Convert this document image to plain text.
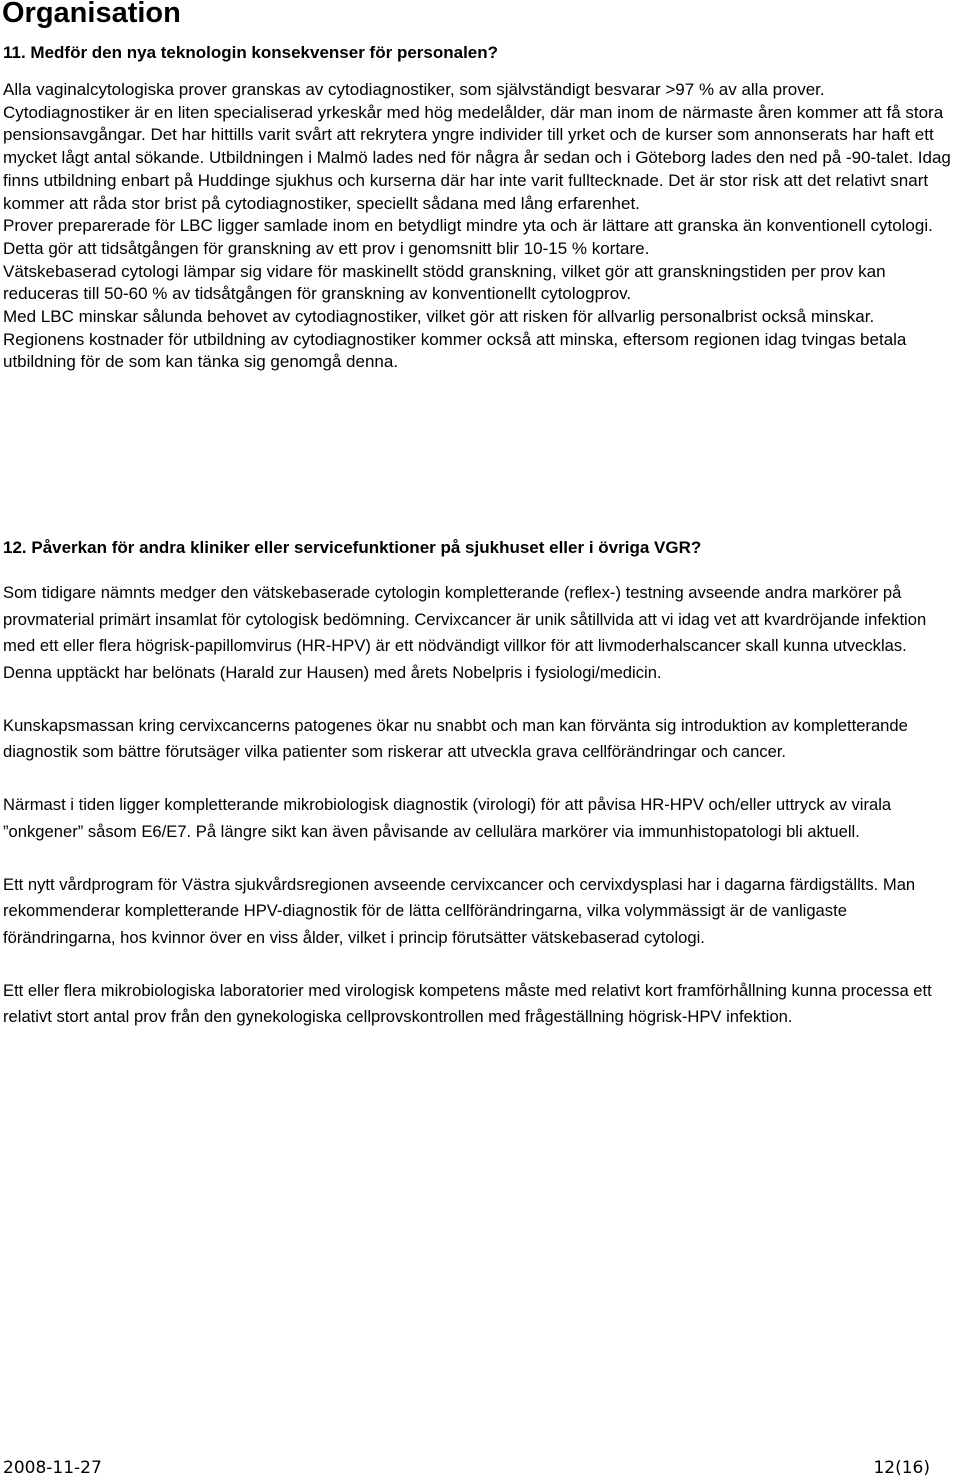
Organisation
11. Medför den nya teknologin konsekvenser för personalen?

Alla vaginalcytologiska prover granskas av cytodiagnostiker, som självständigt besvarar >97 % av alla prover. Cytodiagnostiker är en liten specialiserad yrkeskår med hög medelålder, där man inom de närmaste åren kommer att få stora pensionsavgångar. Det har hittills varit svårt att rekrytera yngre individer till yrket och de kurser som annonserats har haft ett mycket lågt antal sökande. Utbildningen i Malmö lades ned för några år sedan och i Göteborg lades den ned på -90-talet. Idag finns utbildning enbart på Huddinge sjukhus och kurserna där har inte varit fulltecknade. Det är stor risk att det relativt snart kommer att råda stor brist på cytodiagnostiker, speciellt sådana med lång erfarenhet.

Prover preparerade för LBC ligger samlade inom en betydligt mindre yta och är lättare att granska än konventionell cytologi. Detta gör att tidsåtgången för granskning av ett prov i genomsnitt blir 10-15 % kortare.

Vätskebaserad cytologi lämpar sig vidare för maskinellt stödd granskning, vilket gör att granskningstiden per prov kan reduceras till 50-60 % av tidsåtgången för granskning av konventionellt cytologprov.

Med LBC minskar sålunda behovet av cytodiagnostiker, vilket gör att risken för allvarlig personalbrist också minskar. Regionens kostnader för utbildning av cytodiagnostiker kommer också att minska, eftersom regionen idag tvingas betala utbildning för de som kan tänka sig genomgå denna.

12. Påverkan för andra kliniker eller servicefunktioner på sjukhuset eller i övriga VGR?

Som tidigare nämnts medger den vätskebaserade cytologin kompletterande (reflex-) testning avseende andra markörer på provmaterial primärt insamlat för cytologisk bedömning. Cervixcancer är unik såtillvida att vi idag vet att kvardröjande infektion med ett eller flera högrisk-papillomvirus (HR-HPV) är ett nödvändigt villkor för att livmoderhalscancer skall kunna utvecklas. Denna upptäckt har belönats (Harald zur Hausen) med årets Nobelpris i fysiologi/medicin.

Kunskapsmassan kring cervixcancerns patogenes ökar nu snabbt och man kan förvänta sig introduktion av kompletterande diagnostik som bättre förutsäger vilka patienter som riskerar att utveckla grava cellförändringar och cancer.

Närmast i tiden ligger kompletterande mikrobiologisk diagnostik (virologi) för att påvisa HR-HPV och/eller uttryck av virala ”onkgener” såsom E6/E7. På längre sikt kan även påvisande av cellulära markörer via immunhistopatologi bli aktuell.

Ett nytt vårdprogram för Västra sjukvårdsregionen avseende cervixcancer och cervixdysplasi har i dagarna färdigställts. Man rekommenderar kompletterande HPV-diagnostik för de lätta cellförändringarna, vilka volymmässigt är de vanligaste förändringarna, hos kvinnor över en viss ålder, vilket i princip förutsätter vätskebaserad cytologi.

Ett eller flera mikrobiologiska laboratorier med virologisk kompetens måste med relativt kort framförhållning kunna processa ett relativt stort antal prov från den gynekologiska cellprovskontrollen med frågeställning högrisk-HPV infektion.

2008-11-27	12(16)
